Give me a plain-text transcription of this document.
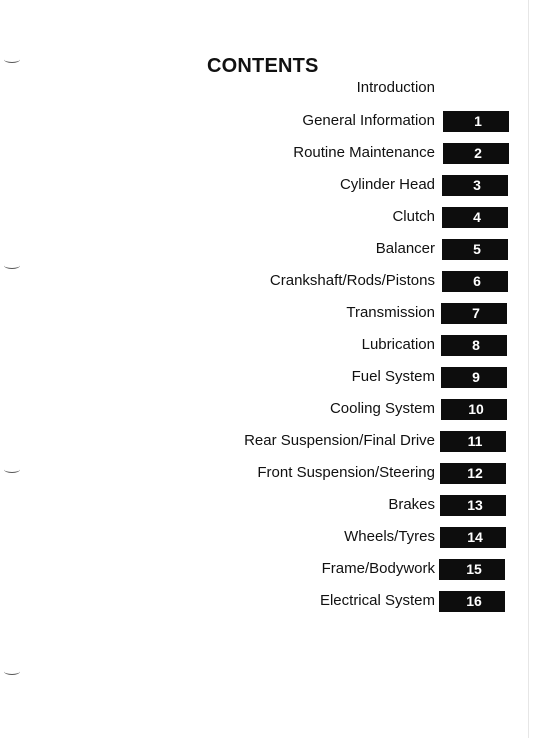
CONTENTS
Introduction
General Information	1
Routine Maintenance	2
Cylinder Head	3
Clutch	4
Balancer	5
Crankshaft/Rods/Pistons	6
Transmission	7
Lubrication	8
Fuel System	9
Cooling System	10
Rear Suspension/Final Drive	11
Front Suspension/Steering	12
Brakes	13
Wheels/Tyres	14
Frame/Bodywork	15
Electrical System	16
